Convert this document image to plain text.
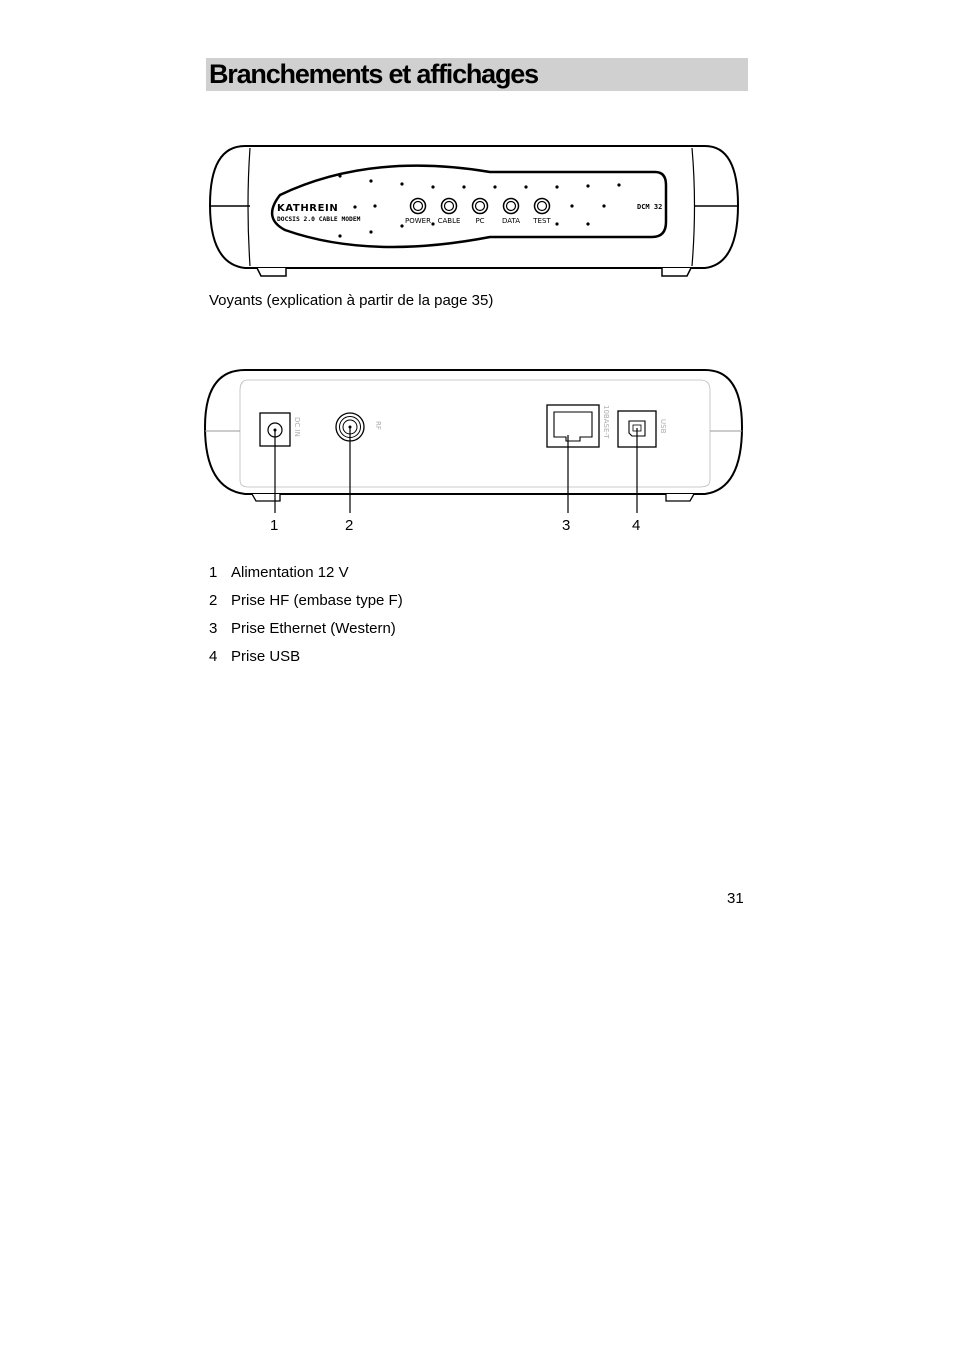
Branchements et affichages
KATHREIN
DOCSIS 2.0 CABLE MODEM
DCM 32
POWER CABLE PC DATA TEST
Voyants (explication à partir de la page 35)
DC IN	RF	10BASE-T	USB
1	2	3	4
1 Alimentation 12 V
2 Prise HF (embase type F)
3 Prise Ethernet (Western)
4 Prise USB
31
